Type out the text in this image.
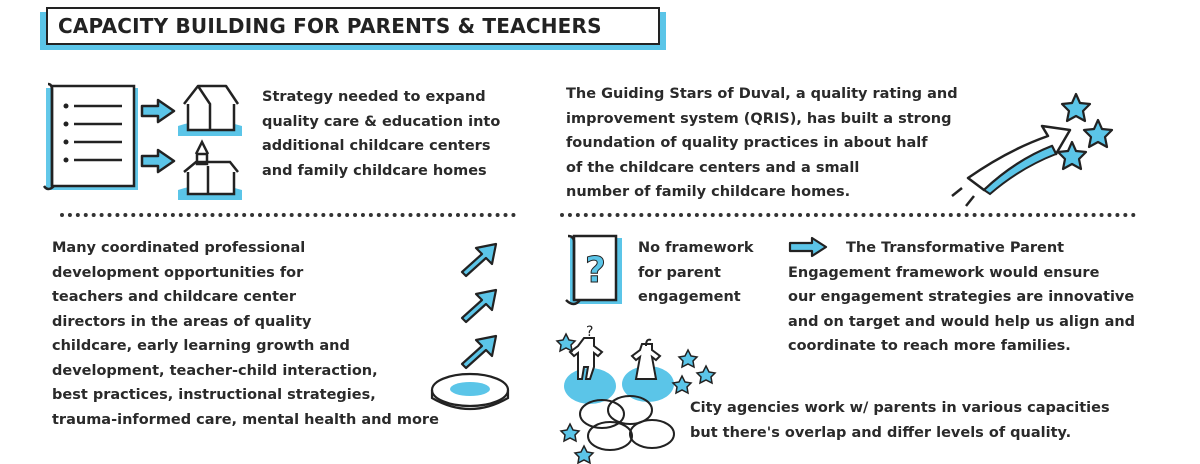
CAPACITY BUILDING FOR PARENTS & TEACHERS
Strategy needed to expand
quality care & education into
additional childcare centers
and family childcare homes
The Guiding Stars of Duval, a quality rating and
improvement system (QRIS), has built a strong
foundation of quality practices in about half
of the childcare centers and a small
number of family childcare homes.
Many coordinated professional
development opportunities for
teachers and childcare center
directors in the areas of quality
childcare, early learning growth and
development, teacher-child interaction,
best practices, instructional strategies,
trauma-informed care, mental health and more
?
No framework
for parent
engagement
The Transformative Parent
Engagement framework would ensure
our engagement strategies are innovative
and on target and would help us align and
coordinate to reach more families.
?
City agencies work w/ parents in various capacities
but there's overlap and differ levels of quality.
